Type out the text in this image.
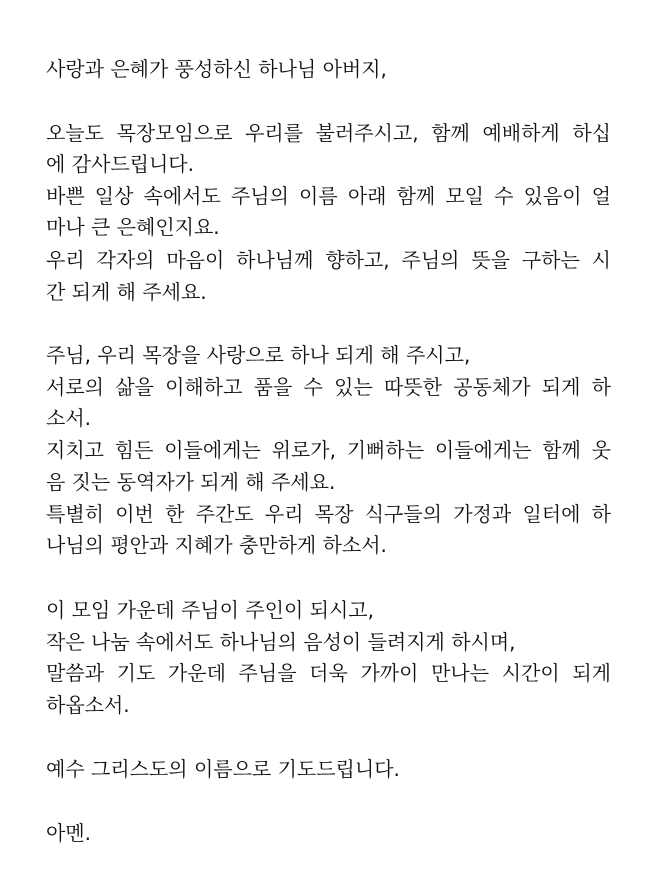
사랑과 은혜가 풍성하신 하나님 아버지,

오늘도 목장모임으로 우리를 불러주시고, 함께 예배하게 하십

에 감사드립니다.

바쁜 일상 속에서도 주님의 이름 아래 함께 모일 수 있음이 얼

마나 큰 은혜인지요.

우리 각자의 마음이 하나님께 향하고, 주님의 뜻을 구하는 시

간 되게 해 주세요.

주님, 우리 목장을 사랑으로 하나 되게 해 주시고,

서로의 삶을 이해하고 품을 수 있는 따뜻한 공동체가 되게 하

소서.

지치고 힘든 이들에게는 위로가, 기뻐하는 이들에게는 함께 웃

음 짓는 동역자가 되게 해 주세요.

특별히 이번 한 주간도 우리 목장 식구들의 가정과 일터에 하

나님의 평안과 지혜가 충만하게 하소서.

이 모임 가운데 주님이 주인이 되시고,

작은 나눔 속에서도 하나님의 음성이 들려지게 하시며,

말씀과 기도 가운데 주님을 더욱 가까이 만나는 시간이 되게

하옵소서.

예수 그리스도의 이름으로 기도드립니다.

아멘.
